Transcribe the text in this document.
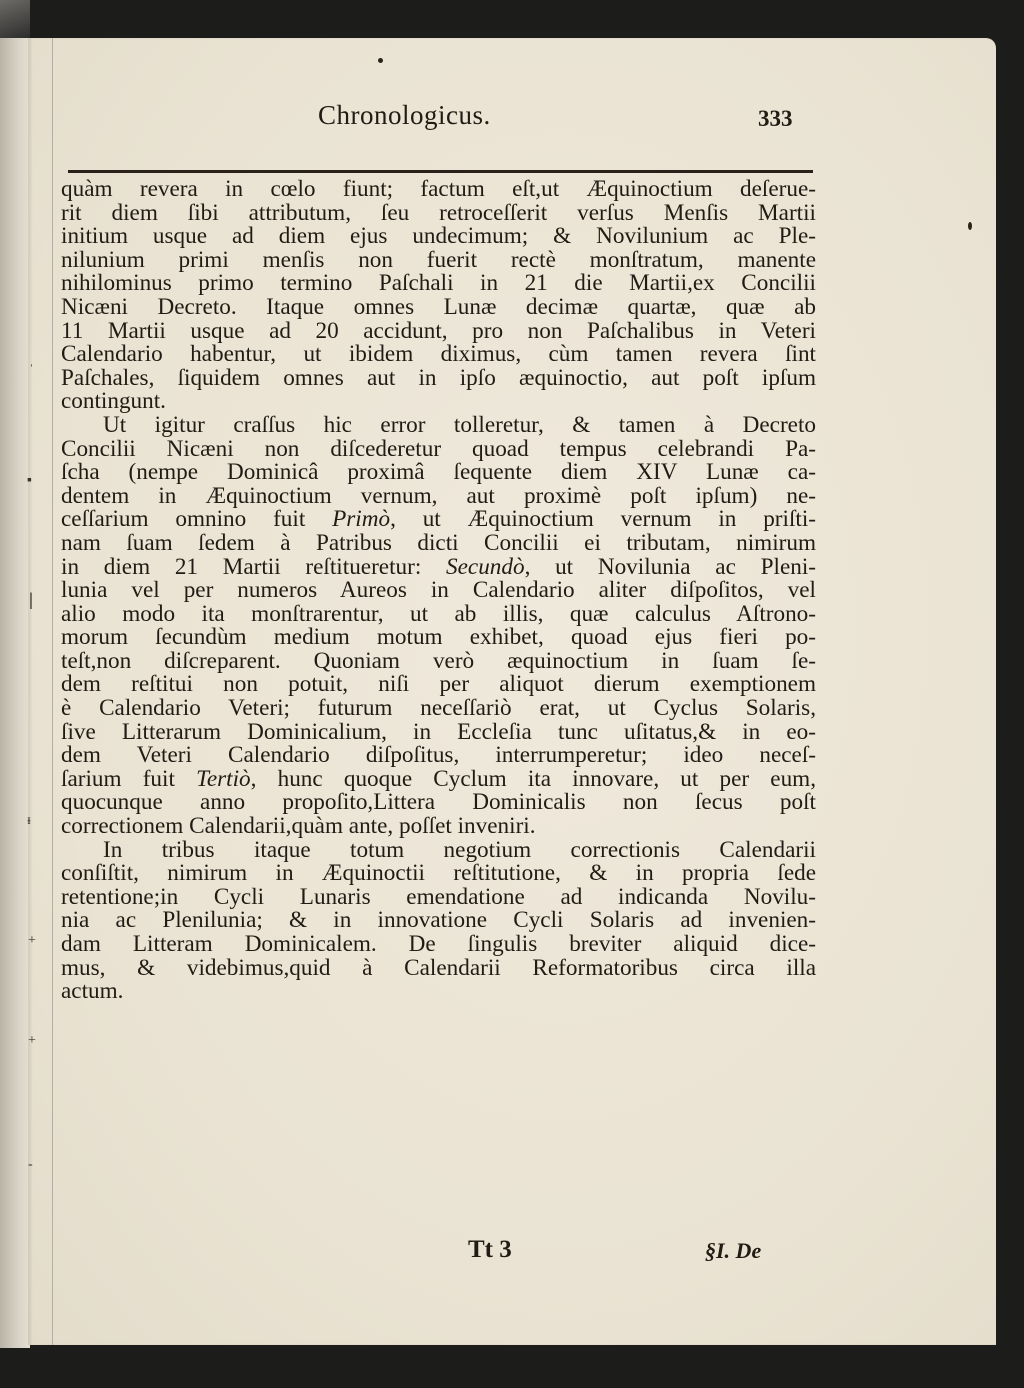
ˈ
▪
|
ᵻ
+
+
-
Chronologicus.	333
quàm revera in cœlo fiunt; factum eſt,ut Æquinoctium deſerue-
rit diem ſibi attributum, ſeu retroceſſerit verſus Menſis Martii
initium usque ad diem ejus undecimum; & Novilunium ac Ple-
nilunium primi menſis non fuerit rectè monſtratum, manente
nihilominus primo termino Paſchali in 21 die Martii,ex Concilii
Nicæni Decreto. Itaque omnes Lunæ decimæ quartæ, quæ ab
11 Martii usque ad 20 accidunt, pro non Paſchalibus in Veteri
Calendario habentur, ut ibidem diximus, cùm tamen revera ſint
Paſchales, ſiquidem omnes aut in ipſo æquinoctio, aut poſt ipſum
contingunt.
Ut igitur craſſus hic error tolleretur, & tamen à Decreto
Concilii Nicæni non diſcederetur quoad tempus celebrandi Pa-
ſcha (nempe Dominicâ proximâ ſequente diem XIV Lunæ ca-
dentem in Æquinoctium vernum, aut proximè poſt ipſum) ne-
ceſſarium omnino fuit Primò, ut Æquinoctium vernum in priſti-
nam ſuam ſedem à Patribus dicti Concilii ei tributam, nimirum
in diem 21 Martii reſtitueretur: Secundò, ut Novilunia ac Pleni-
lunia vel per numeros Aureos in Calendario aliter diſpoſitos, vel
alio modo ita monſtrarentur, ut ab illis, quæ calculus Aſtrono-
morum ſecundùm medium motum exhibet, quoad ejus fieri po-
teſt,non diſcreparent. Quoniam verò æquinoctium in ſuam ſe-
dem reſtitui non potuit, niſi per aliquot dierum exemptionem
è Calendario Veteri; futurum neceſſariò erat, ut Cyclus Solaris,
ſive Litterarum Dominicalium, in Eccleſia tunc uſitatus,& in eo-
dem Veteri Calendario diſpoſitus, interrumperetur; ideo neceſ-
ſarium fuit Tertiò, hunc quoque Cyclum ita innovare, ut per eum,
quocunque anno propoſito,Littera Dominicalis non ſecus poſt
correctionem Calendarii,quàm ante, poſſet inveniri.
In tribus itaque totum negotium correctionis Calendarii
conſiſtit, nimirum in Æquinoctii reſtitutione, & in propria ſede
retentione;in Cycli Lunaris emendatione ad indicanda Novilu-
nia ac Plenilunia; & in innovatione Cycli Solaris ad invenien-
dam Litteram Dominicalem. De ſingulis breviter aliquid dice-
mus, & videbimus,quid à Calendarii Reformatoribus circa illa
actum.
Tt 3	§I. De
